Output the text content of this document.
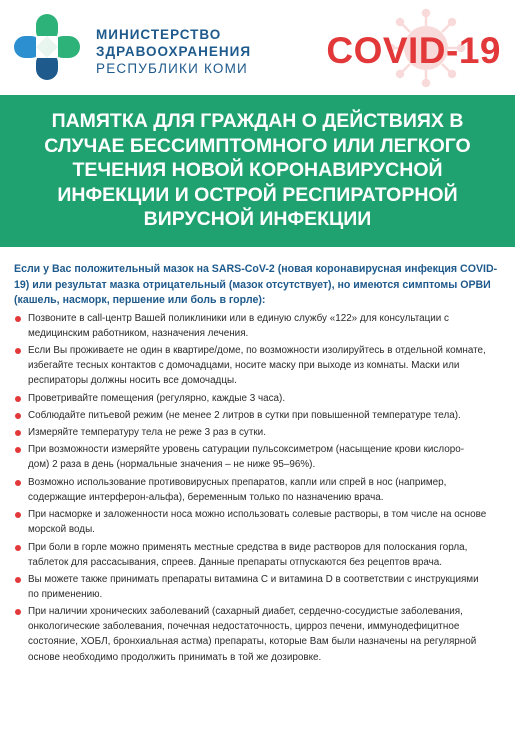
МИНИСТЕРСТВО
ЗДРАВООХРАНЕНИЯ
РЕСПУБЛИКИ КОМИ COVID-19
ПАМЯТКА ДЛЯ ГРАЖДАН О ДЕЙСТВИЯХ В
СЛУЧАЕ БЕССИМПТОМНОГО ИЛИ ЛЕГКОГО
ТЕЧЕНИЯ НОВОЙ КОРОНАВИРУСНОЙ
ИНФЕКЦИИ И ОСТРОЙ РЕСПИРАТОРНОЙ
ВИРУСНОЙ ИНФЕКЦИИ
Если у Вас положительный мазок на SARS-CoV-2 (новая коронавирусная инфекция COVID-
19) или результат мазка отрицательный (мазок отсутствует), но имеются симптомы ОРВИ
(кашель, насморк, першение или боль в горле):
Позвоните в call-центр Вашей поликлиники или в единую службу «122» для консультации с
медицинским работником, назначения лечения.
Если Вы проживаете не один в квартире/доме, по возможности изолируйтесь в отдельной комнате,
избегайте тесных контактов с домочадцами, носите маску при выходе из комнаты. Маски или
респираторы должны носить все домочадцы.
Проветривайте помещения (регулярно, каждые 3 часа).
Соблюдайте питьевой режим (не менее 2 литров в сутки при повышенной температуре тела).
Измеряйте температуру тела не реже 3 раз в сутки.
При возможности измеряйте уровень сатурации пульсоксиметром (насыщение крови кислоро-
дом) 2 раза в день (нормальные значения – не ниже 95–96%).
Возможно использование противовирусных препаратов, капли или спрей в нос (например,
содержащие интерферон-альфа), беременным только по назначению врача.
При насморке и заложенности носа можно использовать солевые растворы, в том числе на основе
морской воды.
При боли в горле можно применять местные средства в виде растворов для полоскания горла,
таблеток для рассасывания, спреев. Данные препараты отпускаются без рецептов врача.
Вы можете также принимать препараты витамина C и витамина D в соответствии с инструкциями
по применению.
При наличии хронических заболеваний (сахарный диабет, сердечно-сосудистые заболевания,
онкологические заболевания, почечная недостаточность, цирроз печени, иммунодефицитное
состояние, ХОБЛ, бронхиальная астма) препараты, которые Вам были назначены на регулярной
основе необходимо продолжить принимать в той же дозировке.
